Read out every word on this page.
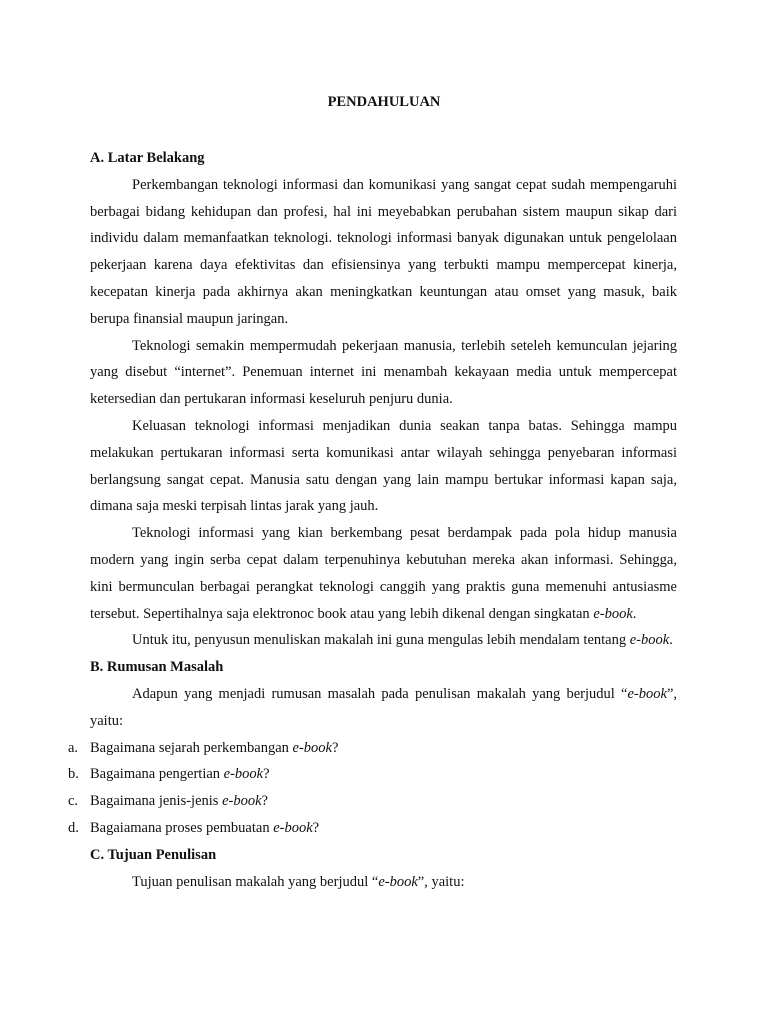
PENDAHULUAN
A. Latar Belakang

Perkembangan teknologi informasi dan komunikasi yang sangat cepat sudah mempengaruhi berbagai bidang kehidupan dan profesi, hal ini meyebabkan perubahan sistem maupun sikap dari individu dalam memanfaatkan teknologi. teknologi informasi banyak digunakan untuk pengelolaan pekerjaan karena daya efektivitas dan efisiensinya yang terbukti mampu mempercepat kinerja, kecepatan kinerja pada akhirnya akan meningkatkan keuntungan atau omset yang masuk, baik berupa finansial maupun jaringan.

Teknologi semakin mempermudah pekerjaan manusia, terlebih seteleh kemunculan jejaring yang disebut “internet”. Penemuan internet ini menambah kekayaan media untuk mempercepat ketersedian dan pertukaran informasi keseluruh penjuru dunia.

Keluasan teknologi informasi menjadikan dunia seakan tanpa batas. Sehingga mampu melakukan pertukaran informasi serta komunikasi antar wilayah sehingga penyebaran informasi berlangsung sangat cepat. Manusia satu dengan yang lain mampu bertukar informasi kapan saja, dimana saja meski terpisah lintas jarak yang jauh.

Teknologi informasi yang kian berkembang pesat berdampak pada pola hidup manusia modern yang ingin serba cepat dalam terpenuhinya kebutuhan mereka akan informasi. Sehingga, kini bermunculan berbagai perangkat teknologi canggih yang praktis guna memenuhi antusiasme tersebut. Sepertihalnya saja elektronoc book atau yang lebih dikenal dengan singkatan e-book.

Untuk itu, penyusun menuliskan makalah ini guna mengulas lebih mendalam tentang e-book.

B. Rumusan Masalah

Adapun yang menjadi rumusan masalah pada penulisan makalah yang berjudul “e-book”, yaitu:

a. Bagaimana sejarah perkembangan e-book?
b. Bagaimana pengertian e-book?
c. Bagaimana jenis-jenis e-book?
d. Bagaiamana proses pembuatan e-book?
C. Tujuan Penulisan

Tujuan penulisan makalah yang berjudul “e-book”, yaitu:
